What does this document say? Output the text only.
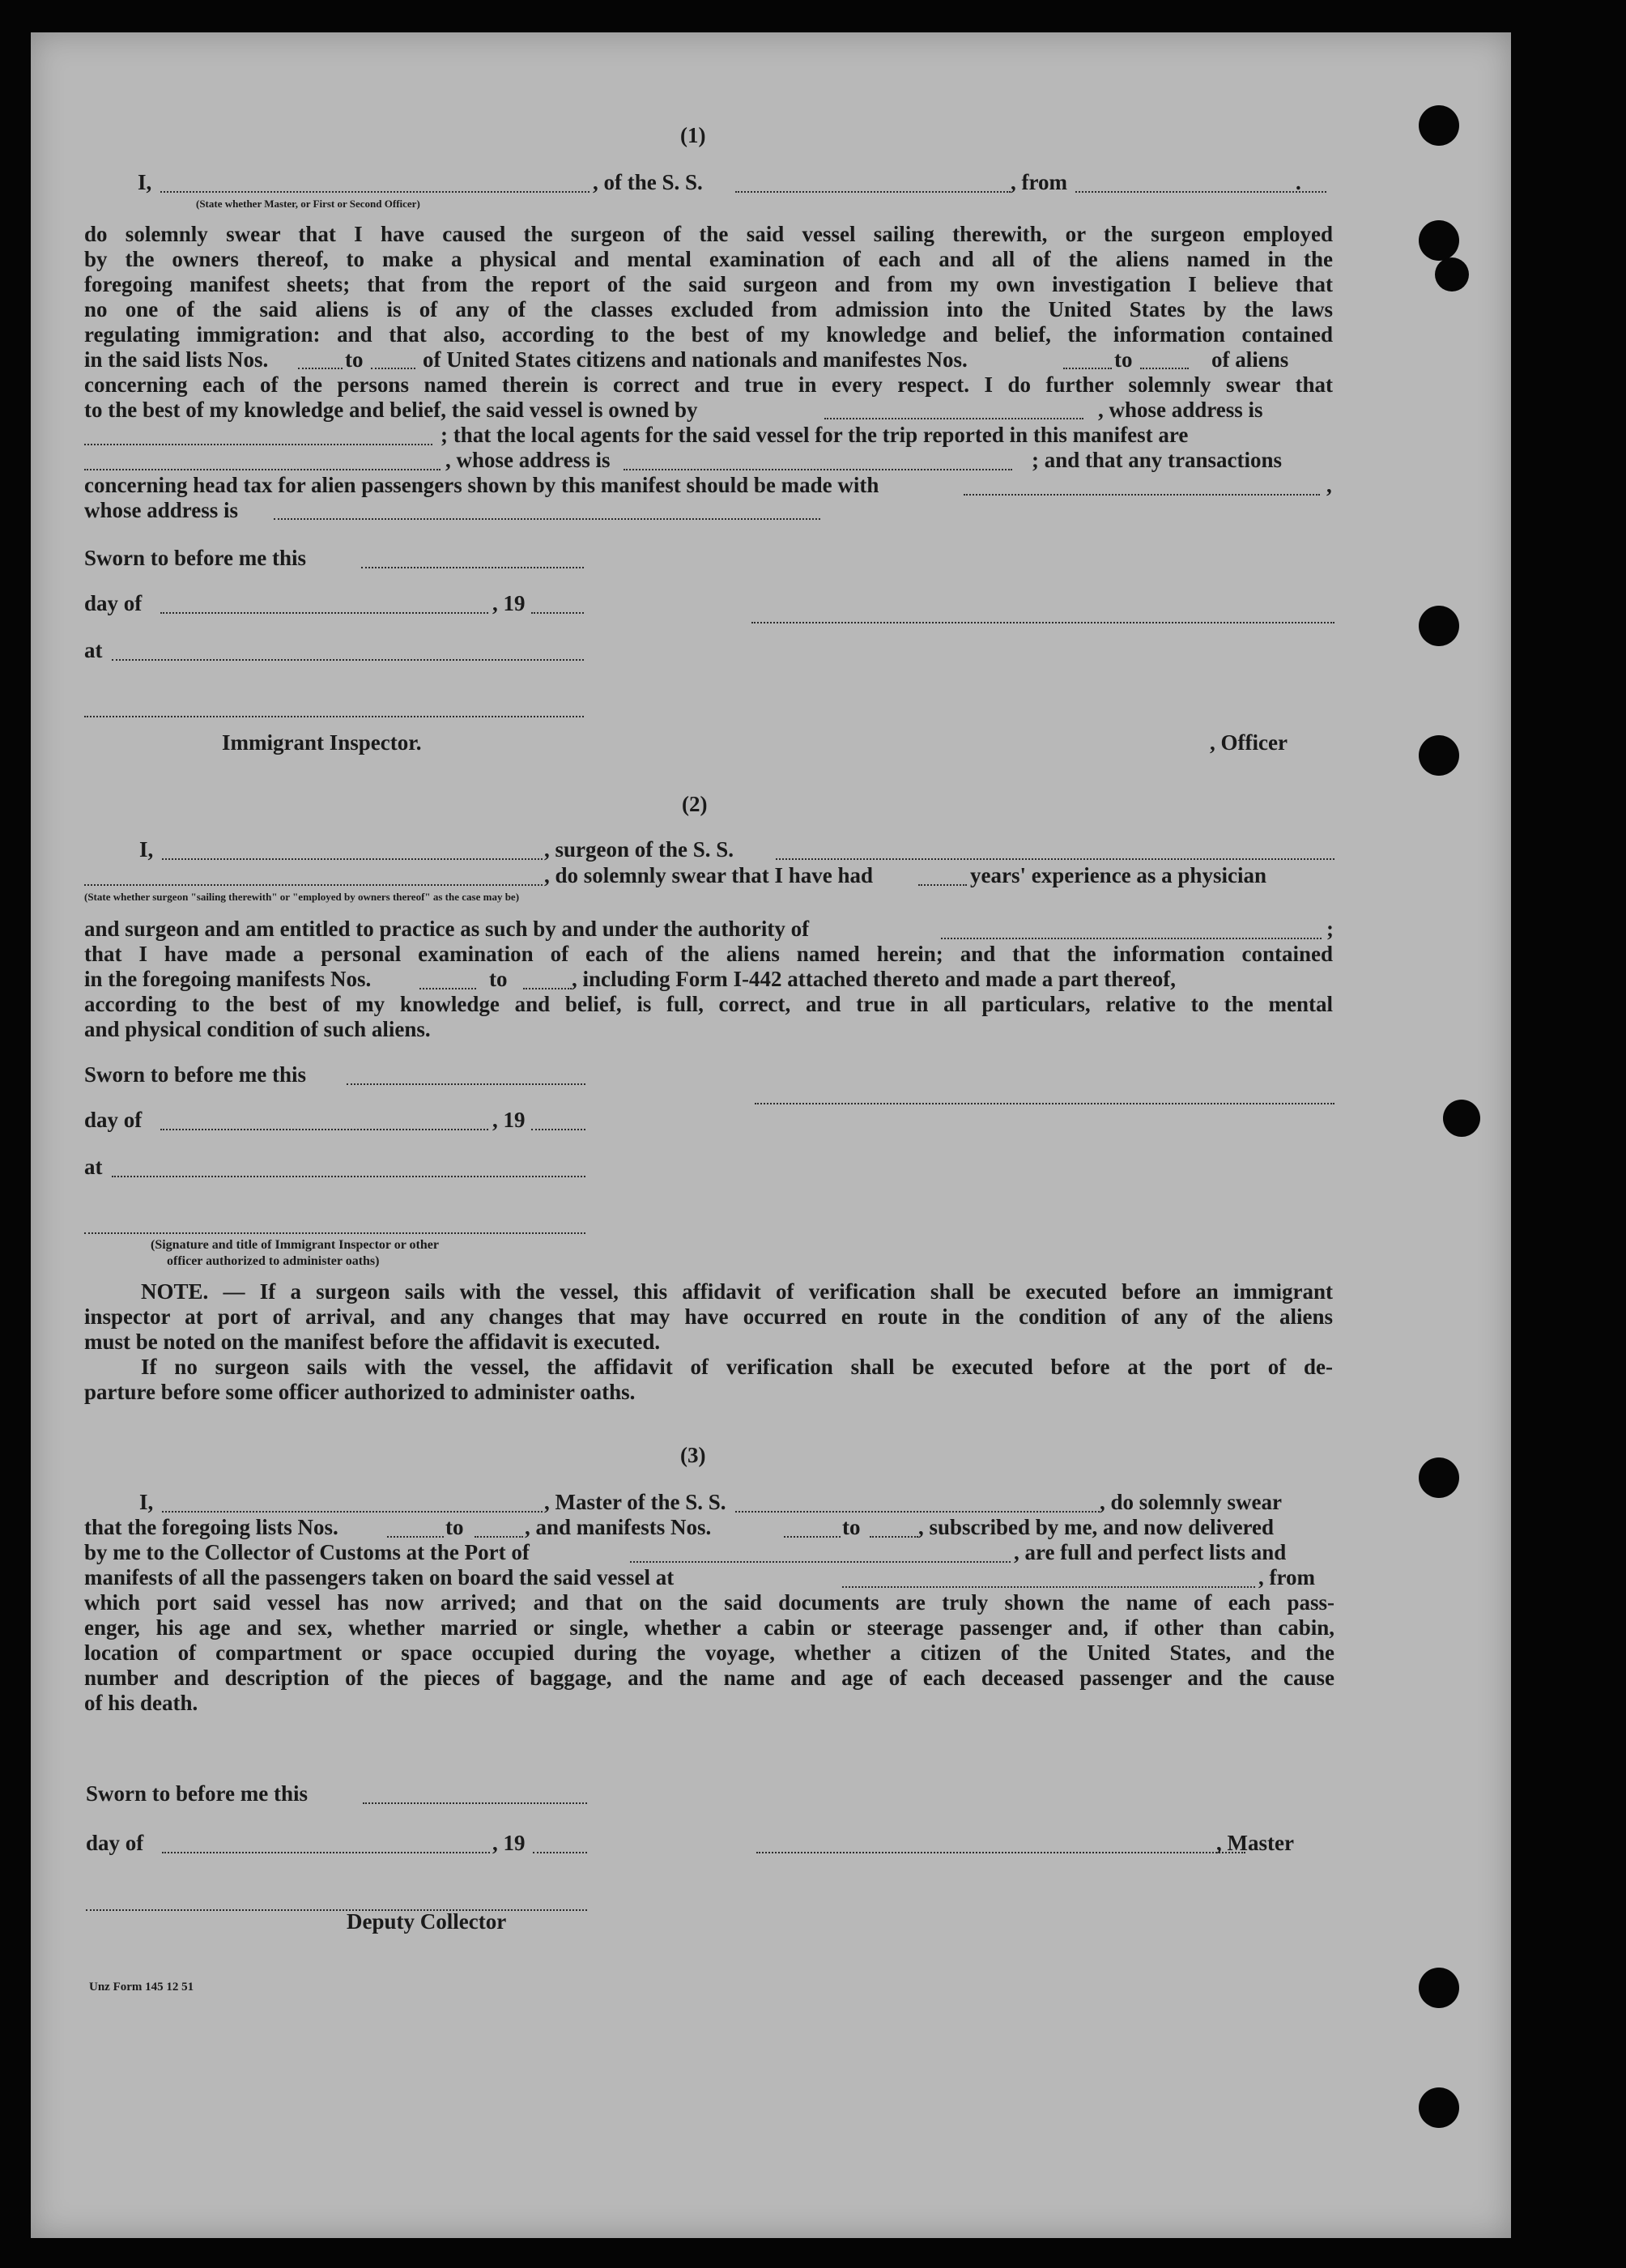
(1)
I,	, of the S. S.	, from	.
(State whether Master, or First or Second Officer)
do solemnly swear that I have caused the surgeon of the said vessel sailing therewith, or the surgeon employed
by the owners thereof, to make a physical and mental examination of each and all of the aliens named in the
foregoing manifest sheets; that from the report of the said surgeon and from my own investigation I believe that
no one of the said aliens is of any of the classes excluded from admission into the United States by the laws
regulating immigration: and that also, according to the best of my knowledge and belief, the information contained
in the said lists Nos.	to	of United States citizens and nationals and manifestes Nos.	to	of aliens
concerning each of the persons named therein is correct and true in every respect. I do further solemnly swear that
to the best of my knowledge and belief, the said vessel is owned by	, whose address is
; that the local agents for the said vessel for the trip reported in this manifest are
, whose address is	; and that any transactions
concerning head tax for alien passengers shown by this manifest should be made with	,
whose address is
Sworn to before me this
day of	, 19
at
Immigrant Inspector.	, Officer
(2)
I,	, surgeon of the S. S.
, do solemnly swear that I have had	years' experience as a physician
(State whether surgeon "sailing therewith" or "employed by owners thereof" as the case may be)
and surgeon and am entitled to practice as such by and under the authority of	;
that I have made a personal examination of each of the aliens named herein; and that the information contained
in the foregoing manifests Nos.	to	, including Form I-442 attached thereto and made a part thereof,
according to the best of my knowledge and belief, is full, correct, and true in all particulars, relative to the mental
and physical condition of such aliens.
Sworn to before me this
day of	, 19
at
(Signature and title of Immigrant Inspector or other
officer authorized to administer oaths)
NOTE. — If a surgeon sails with the vessel, this affidavit of verification shall be executed before an immigrant
inspector at port of arrival, and any changes that may have occurred en route in the condition of any of the aliens
must be noted on the manifest before the affidavit is executed.
If no surgeon sails with the vessel, the affidavit of verification shall be executed before at the port of de-
parture before some officer authorized to administer oaths.
(3)
I,	, Master of the S. S.	, do solemnly swear
that the foregoing lists Nos.	to	, and manifests Nos.	to	, subscribed by me, and now delivered
by me to the Collector of Customs at the Port of	, are full and perfect lists and
manifests of all the passengers taken on board the said vessel at	, from
which port said vessel has now arrived; and that on the said documents are truly shown the name of each pass-
enger, his age and sex, whether married or single, whether a cabin or steerage passenger and, if other than cabin,
location of compartment or space occupied during the voyage, whether a citizen of the United States, and the
number and description of the pieces of baggage, and the name and age of each deceased passenger and the cause
of his death.
Sworn to before me this
day of	, 19	, Master
Deputy Collector
Unz Form 145 12 51
